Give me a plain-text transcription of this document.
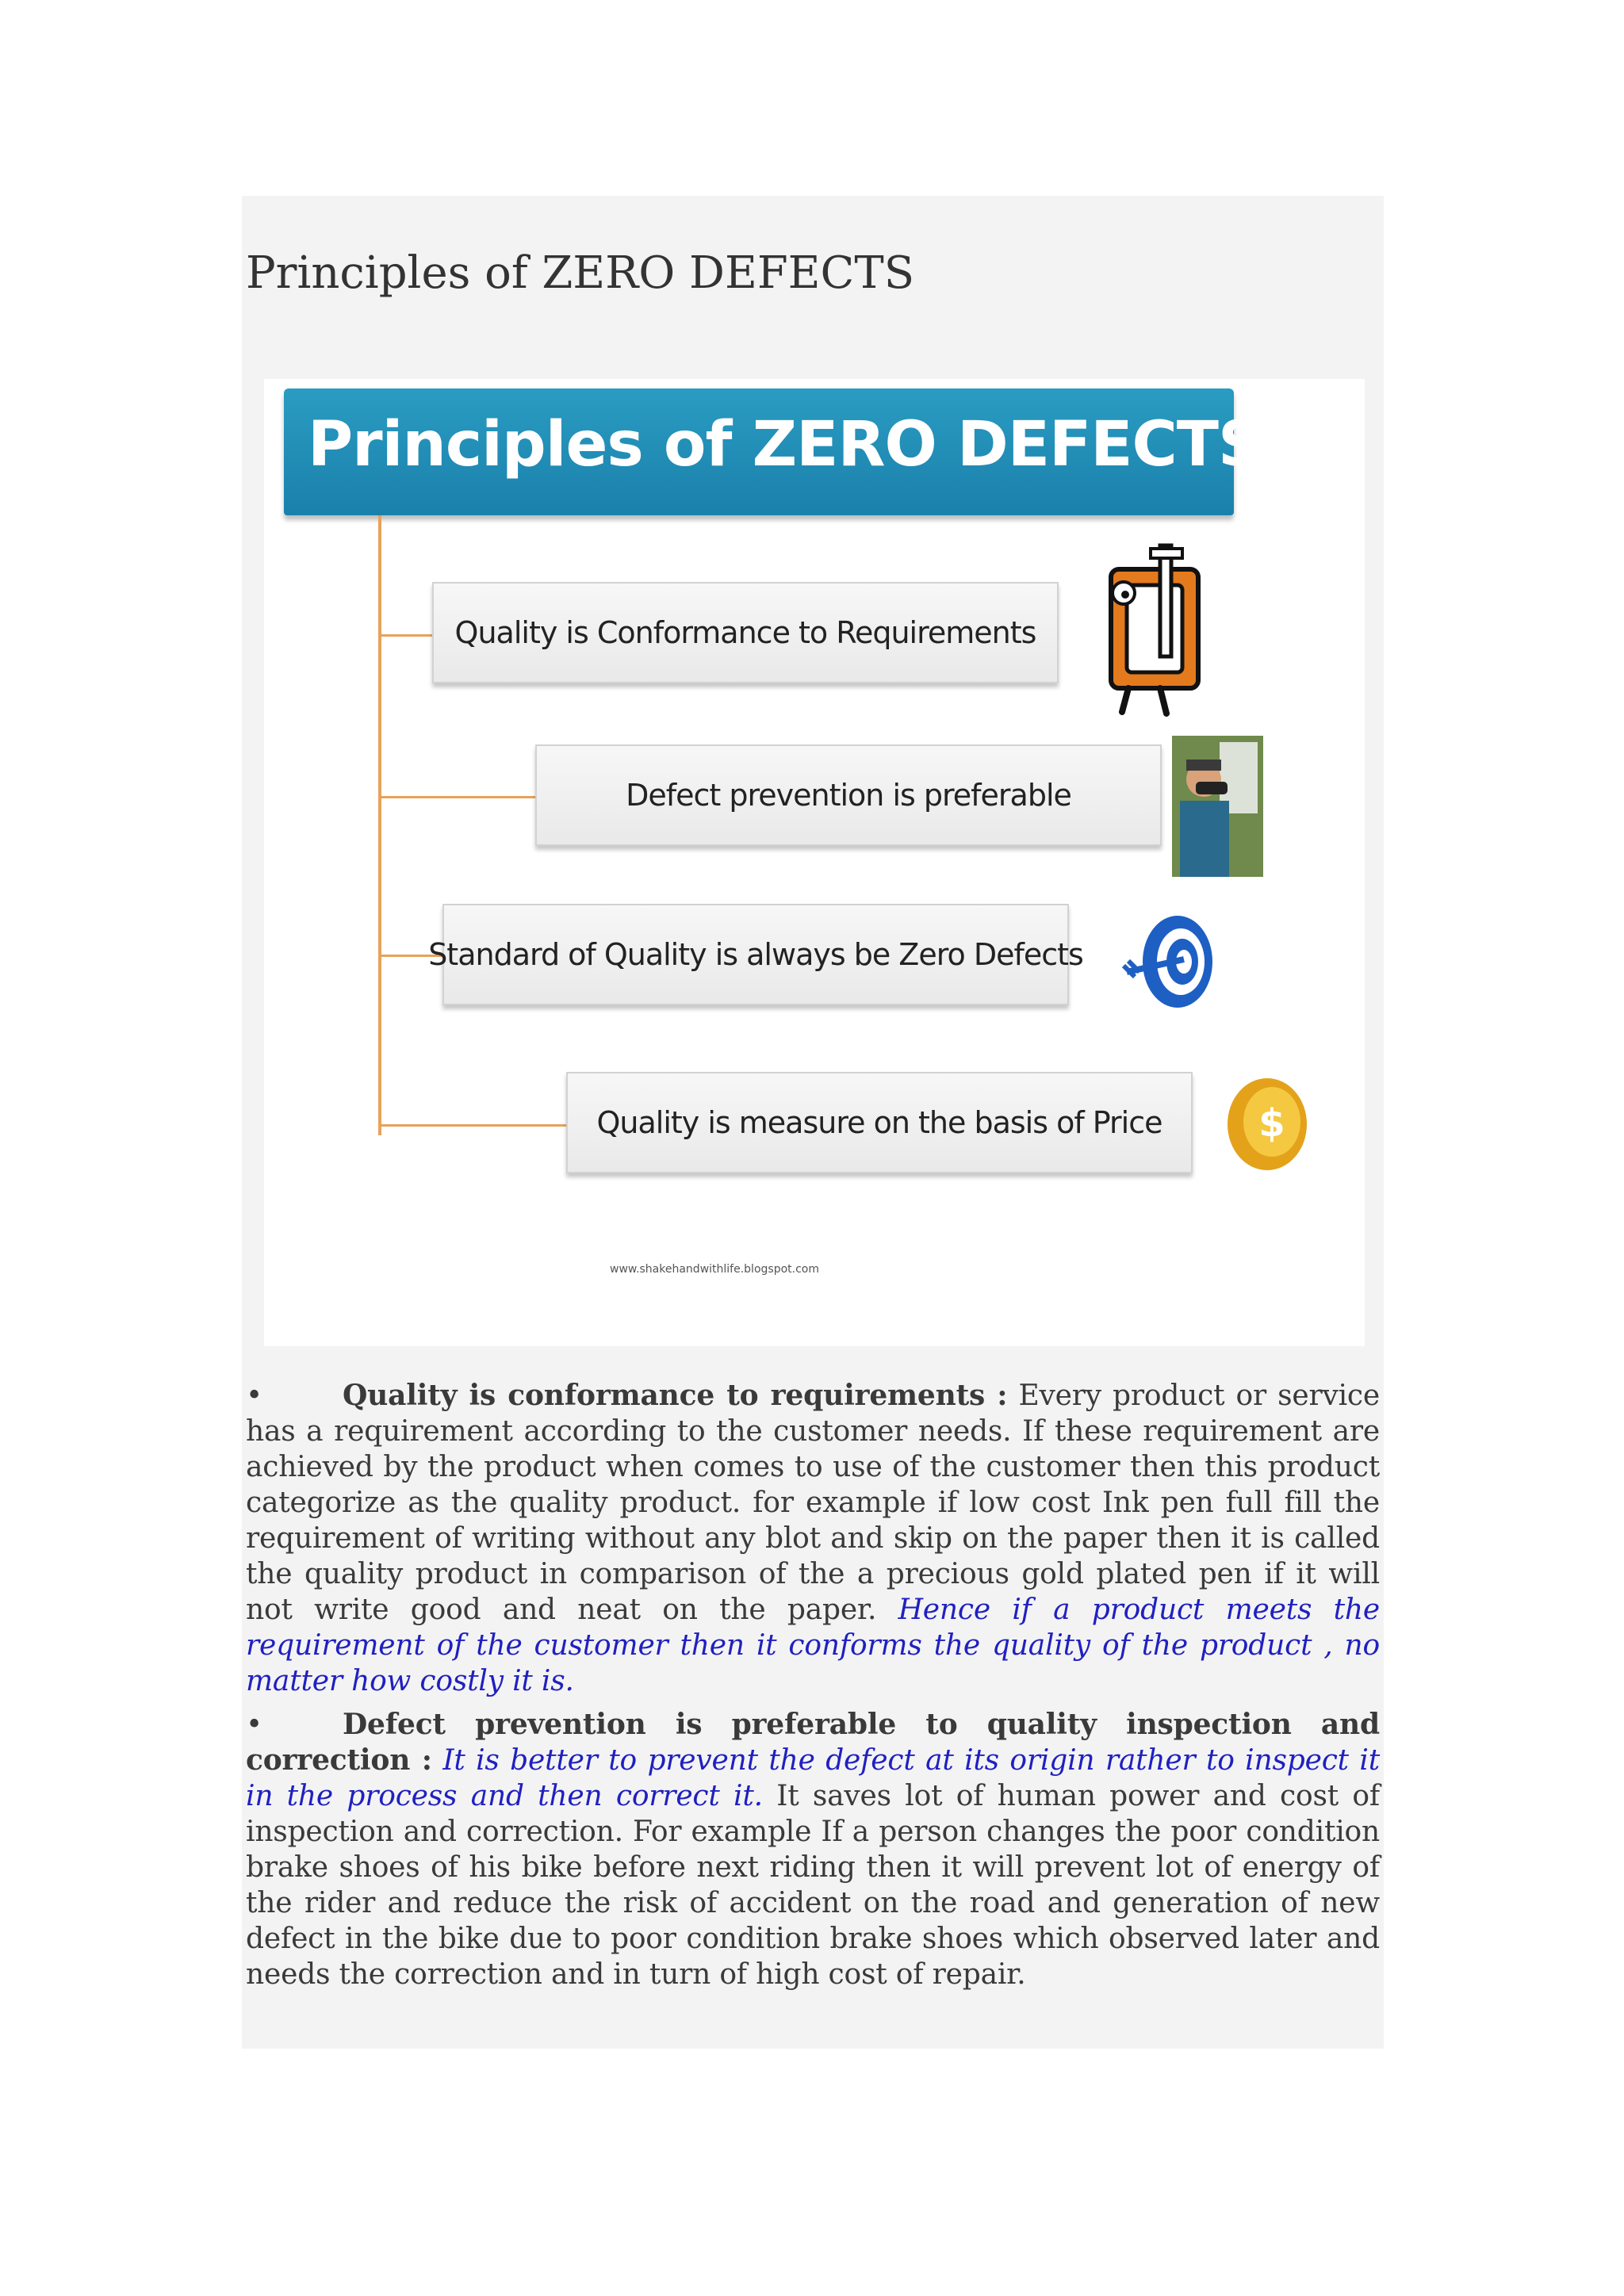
Principles of ZERO DEFECTS
Principles of ZERO DEFECTS
Quality is Conformance to Requirements
Defect prevention is preferable
Standard of Quality is always be Zero Defects
Quality is measure on the basis of Price	$
www.shakehandwithlife.blogspot.com

•	Quality is conformance to requirements : Every product or service has a requirement according to the customer needs. If these requirement are achieved by the product when comes to use of the customer then this product categorize as the quality product. for example if low cost Ink pen full fill the requirement of writing without any blot and skip on the paper then it is called the quality product in comparison of the a precious gold plated pen if it will not write good and neat on the paper. Hence if a product meets the requirement of the customer then it conforms the quality of the product , no matter how costly it is.

•	Defect prevention is preferable to quality inspection and correction : It is better to prevent the defect at its origin rather to inspect it in the process and then correct it. It saves lot of human power and cost of inspection and correction. For example If a person changes the poor condition brake shoes of his bike before next riding then it will prevent lot of energy of the rider and reduce the risk of accident on the road and generation of new defect in the bike due to poor condition brake shoes which observed later and needs the correction and in turn of high cost of repair.
